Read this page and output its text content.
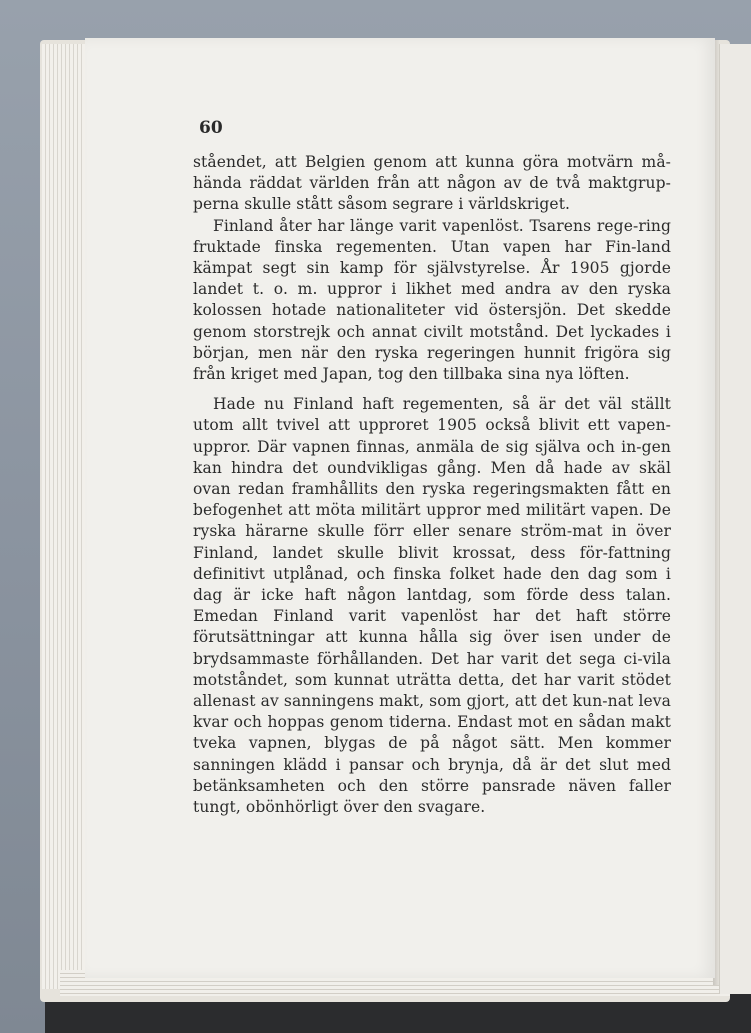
60

ståendet, att Belgien genom att kunna göra motvärn må-hända räddat världen från att någon av de två maktgrup-perna skulle stått såsom segrare i världskriget.

Finland åter har länge varit vapenlöst. Tsarens rege-ring fruktade finska regementen. Utan vapen har Fin-land kämpat segt sin kamp för självstyrelse. År 1905 gjorde landet t. o. m. uppror i likhet med andra av den ryska kolossen hotade nationaliteter vid östersjön. Det skedde genom storstrejk och annat civilt motstånd. Det lyckades i början, men när den ryska regeringen hunnit frigöra sig från kriget med Japan, tog den tillbaka sina nya löften.

Hade nu Finland haft regementen, så är det väl ställt utom allt tvivel att upproret 1905 också blivit ett vapen-uppror. Där vapnen finnas, anmäla de sig själva och in-gen kan hindra det oundvikligas gång. Men då hade av skäl ovan redan framhållits den ryska regeringsmakten fått en befogenhet att möta militärt uppror med militärt vapen. De ryska härarne skulle förr eller senare ström-mat in över Finland, landet skulle blivit krossat, dess för-fattning definitivt utplånad, och finska folket hade den dag som i dag är icke haft någon lantdag, som förde dess talan. Emedan Finland varit vapenlöst har det haft större förutsättningar att kunna hålla sig över isen under de brydsammaste förhållanden. Det har varit det sega ci-vila motståndet, som kunnat uträtta detta, det har varit stödet allenast av sanningens makt, som gjort, att det kun-nat leva kvar och hoppas genom tiderna. Endast mot en sådan makt tveka vapnen, blygas de på något sätt. Men kommer sanningen klädd i pansar och brynja, då är det slut med betänksamheten och den större pansrade näven faller tungt, obönhörligt över den svagare.
